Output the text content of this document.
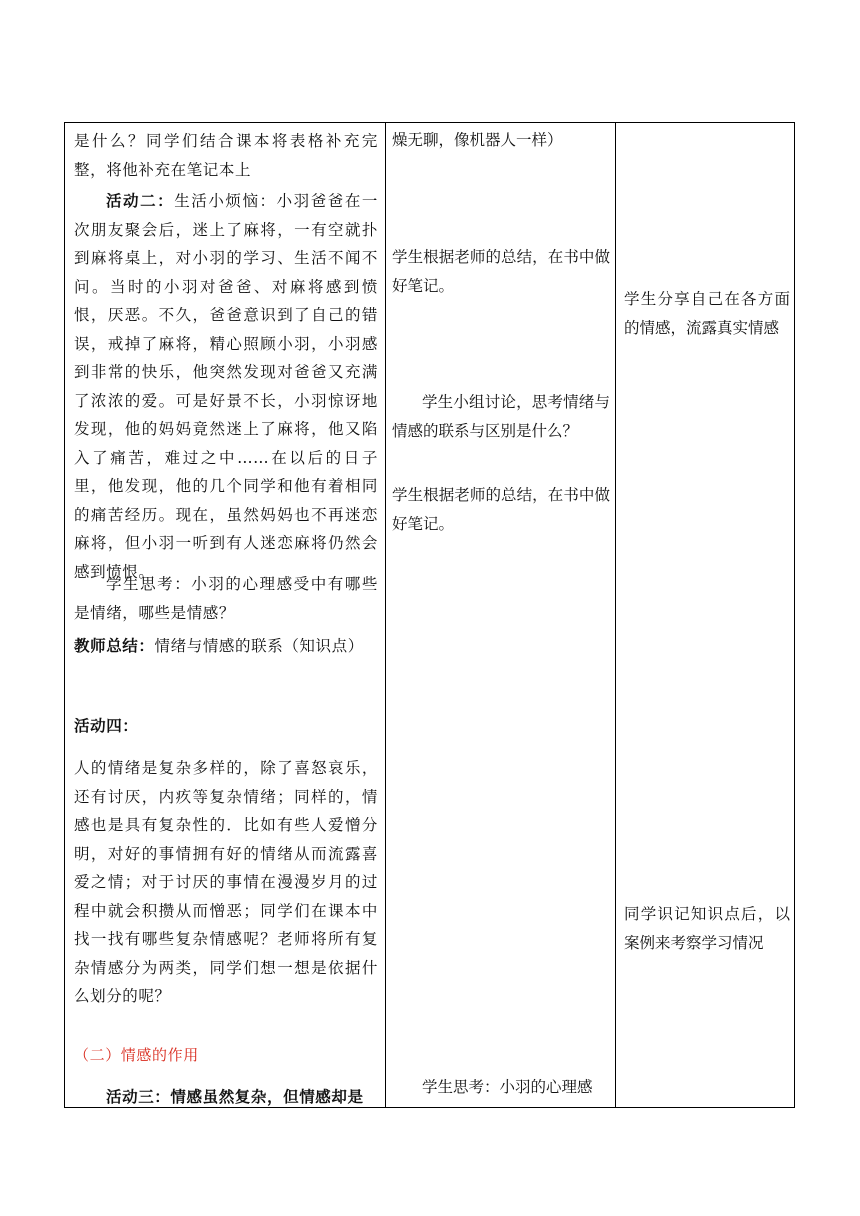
是什么？同学们结合课本将表格补充完整，将他补充在笔记本上

活动二：生活小烦恼：小羽爸爸在一次朋友聚会后，迷上了麻将，一有空就扑到麻将桌上，对小羽的学习、生活不闻不问。当时的小羽对爸爸、对麻将感到愤恨，厌恶。不久，爸爸意识到了自己的错误，戒掉了麻将，精心照顾小羽，小羽感到非常的快乐，他突然发现对爸爸又充满了浓浓的爱。可是好景不长，小羽惊讶地发现，他的妈妈竟然迷上了麻将，他又陷入了痛苦，难过之中……在以后的日子里，他发现，他的几个同学和他有着相同的痛苦经历。现在，虽然妈妈也不再迷恋麻将，但小羽一听到有人迷恋麻将仍然会感到愤恨。

学生思考：小羽的心理感受中有哪些是情绪，哪些是情感？

教师总结：情绪与情感的联系（知识点）

活动四：

人的情绪是复杂多样的，除了喜怒哀乐，还有讨厌，内疚等复杂情绪；同样的，情感也是具有复杂性的．比如有些人爱憎分明，对好的事情拥有好的情绪从而流露喜爱之情；对于讨厌的事情在漫漫岁月的过程中就会积攒从而憎恶；同学们在课本中找一找有哪些复杂情感呢？老师将所有复杂情感分为两类，同学们想一想是依据什么划分的呢？

（二）情感的作用

活动三：情感虽然复杂，但情感却是

燥无聊，像机器人一样）

学生根据老师的总结，在书中做好笔记。

学生小组讨论，思考情绪与情感的联系与区别是什么？

学生根据老师的总结，在书中做好笔记。

学生思考：小羽的心理感

学生分享自己在各方面的情感，流露真实情感

同学识记知识点后，以案例来考察学习情况
